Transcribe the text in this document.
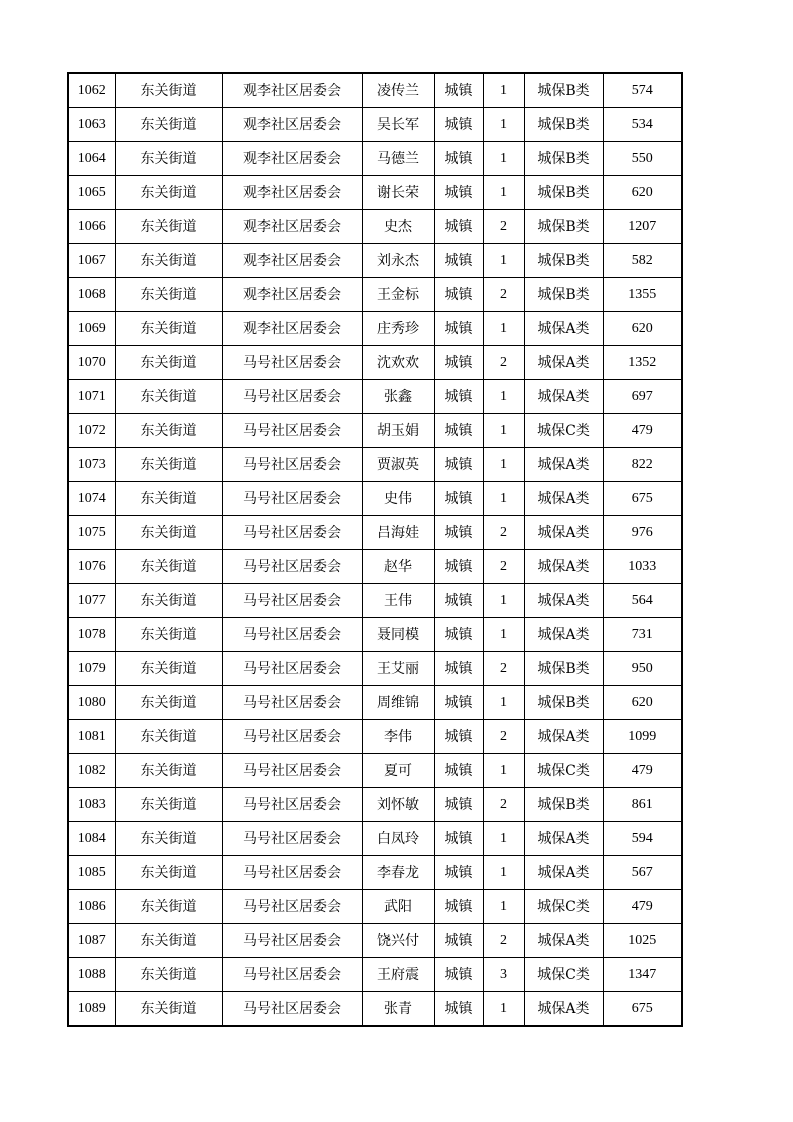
1062	东关街道	观李社区居委会	凌传兰	城镇	1	城保B类	574
1063	东关街道	观李社区居委会	吴长军	城镇	1	城保B类	534
1064	东关街道	观李社区居委会	马德兰	城镇	1	城保B类	550
1065	东关街道	观李社区居委会	谢长荣	城镇	1	城保B类	620
1066	东关街道	观李社区居委会	史杰	城镇	2	城保B类	1207
1067	东关街道	观李社区居委会	刘永杰	城镇	1	城保B类	582
1068	东关街道	观李社区居委会	王金标	城镇	2	城保B类	1355
1069	东关街道	观李社区居委会	庄秀珍	城镇	1	城保A类	620
1070	东关街道	马号社区居委会	沈欢欢	城镇	2	城保A类	1352
1071	东关街道	马号社区居委会	张鑫	城镇	1	城保A类	697
1072	东关街道	马号社区居委会	胡玉娟	城镇	1	城保C类	479
1073	东关街道	马号社区居委会	贾淑英	城镇	1	城保A类	822
1074	东关街道	马号社区居委会	史伟	城镇	1	城保A类	675
1075	东关街道	马号社区居委会	吕海娃	城镇	2	城保A类	976
1076	东关街道	马号社区居委会	赵华	城镇	2	城保A类	1033
1077	东关街道	马号社区居委会	王伟	城镇	1	城保A类	564
1078	东关街道	马号社区居委会	聂同模	城镇	1	城保A类	731
1079	东关街道	马号社区居委会	王艾丽	城镇	2	城保B类	950
1080	东关街道	马号社区居委会	周维锦	城镇	1	城保B类	620
1081	东关街道	马号社区居委会	李伟	城镇	2	城保A类	1099
1082	东关街道	马号社区居委会	夏可	城镇	1	城保C类	479
1083	东关街道	马号社区居委会	刘怀敏	城镇	2	城保B类	861
1084	东关街道	马号社区居委会	白凤玲	城镇	1	城保A类	594
1085	东关街道	马号社区居委会	李春龙	城镇	1	城保A类	567
1086	东关街道	马号社区居委会	武阳	城镇	1	城保C类	479
1087	东关街道	马号社区居委会	饶兴付	城镇	2	城保A类	1025
1088	东关街道	马号社区居委会	王府震	城镇	3	城保C类	1347
1089	东关街道	马号社区居委会	张青	城镇	1	城保A类	675
